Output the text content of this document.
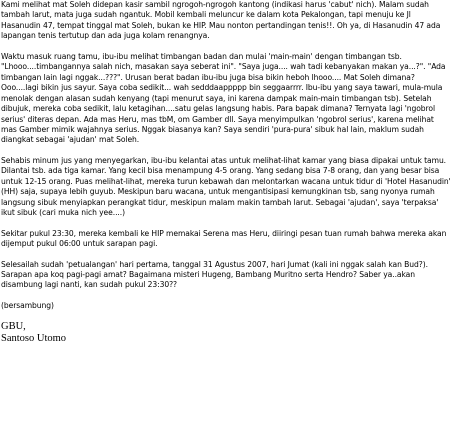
Kami melihat mat Soleh didepan kasir sambil ngrogoh-ngrogoh kantong (indikasi harus 'cabut' nich). Malam sudah tambah larut, mata juga sudah ngantuk. Mobil kembali meluncur ke dalam kota Pekalongan, tapi menuju ke Jl Hasanudin 47, tempat tinggal mat Soleh, bukan ke HIP. Mau nonton pertandingan tenis!!. Oh ya, di Hasanudin 47 ada lapangan tenis tertutup dan ada juga kolam renangnya.

Waktu masuk ruang tamu, ibu-ibu melihat timbangan badan dan mulai 'main-main' dengan timbangan tsb. "Lhooo....timbangannya salah nich, masakan saya seberat ini". "Saya juga.... wah tadi kebanyakan makan ya...?". "Ada timbangan lain lagi nggak...???". Urusan berat badan ibu-ibu juga bisa bikin heboh lhooo.... Mat Soleh dimana? Ooo....lagi bikin jus sayur. Saya coba sedikit... wah sedddaappppp bin seggaarrrr. Ibu-ibu yang saya tawari, mula-mula menolak dengan alasan sudah kenyang (tapi menurut saya, ini karena dampak main-main timbangan tsb). Setelah dibujuk, mereka coba sedikit, lalu ketagihan....satu gelas langsung habis. Para bapak dimana? Ternyata lagi 'ngobrol serius' diteras depan. Ada mas Heru, mas tbM, om Gamber dll. Saya menyimpulkan 'ngobrol serius', karena melihat mas Gamber mimik wajahnya serius. Nggak biasanya kan? Saya sendiri 'pura-pura' sibuk hal lain, maklum sudah diangkat sebagai 'ajudan' mat Soleh.

Sehabis minum jus yang menyegarkan, ibu-ibu kelantai atas untuk melihat-lihat kamar yang biasa dipakai untuk tamu. Dilantai tsb. ada tiga kamar. Yang kecil bisa menampung 4-5 orang. Yang sedang bisa 7-8 orang, dan yang besar bisa untuk 12-15 orang. Puas melihat-lihat, mereka turun kebawah dan melontarkan wacana untuk tidur di 'Hotel Hasanudin' (HH) saja, supaya lebih guyub. Meskipun baru wacana, untuk mengantisipasi kemungkinan tsb, sang nyonya rumah langsung sibuk menyiapkan perangkat tidur, meskipun malam makin tambah larut. Sebagai 'ajudan', saya 'terpaksa' ikut sibuk (cari muka nich yee....)

Sekitar pukul 23:30, mereka kembali ke HIP memakai Serena mas Heru, diiringi pesan tuan rumah bahwa mereka akan dijemput pukul 06:00 untuk sarapan pagi.

Selesailah sudah 'petualangan' hari pertama, tanggal 31 Agustus 2007, hari Jumat (kali ini nggak salah kan Bud?). Sarapan apa koq pagi-pagi amat? Bagaimana misteri Hugeng, Bambang Muritno serta Hendro? Saber ya..akan disambung lagi nanti, kan sudah pukul 23:30??

(bersambung)

GBU,
Santoso Utomo
